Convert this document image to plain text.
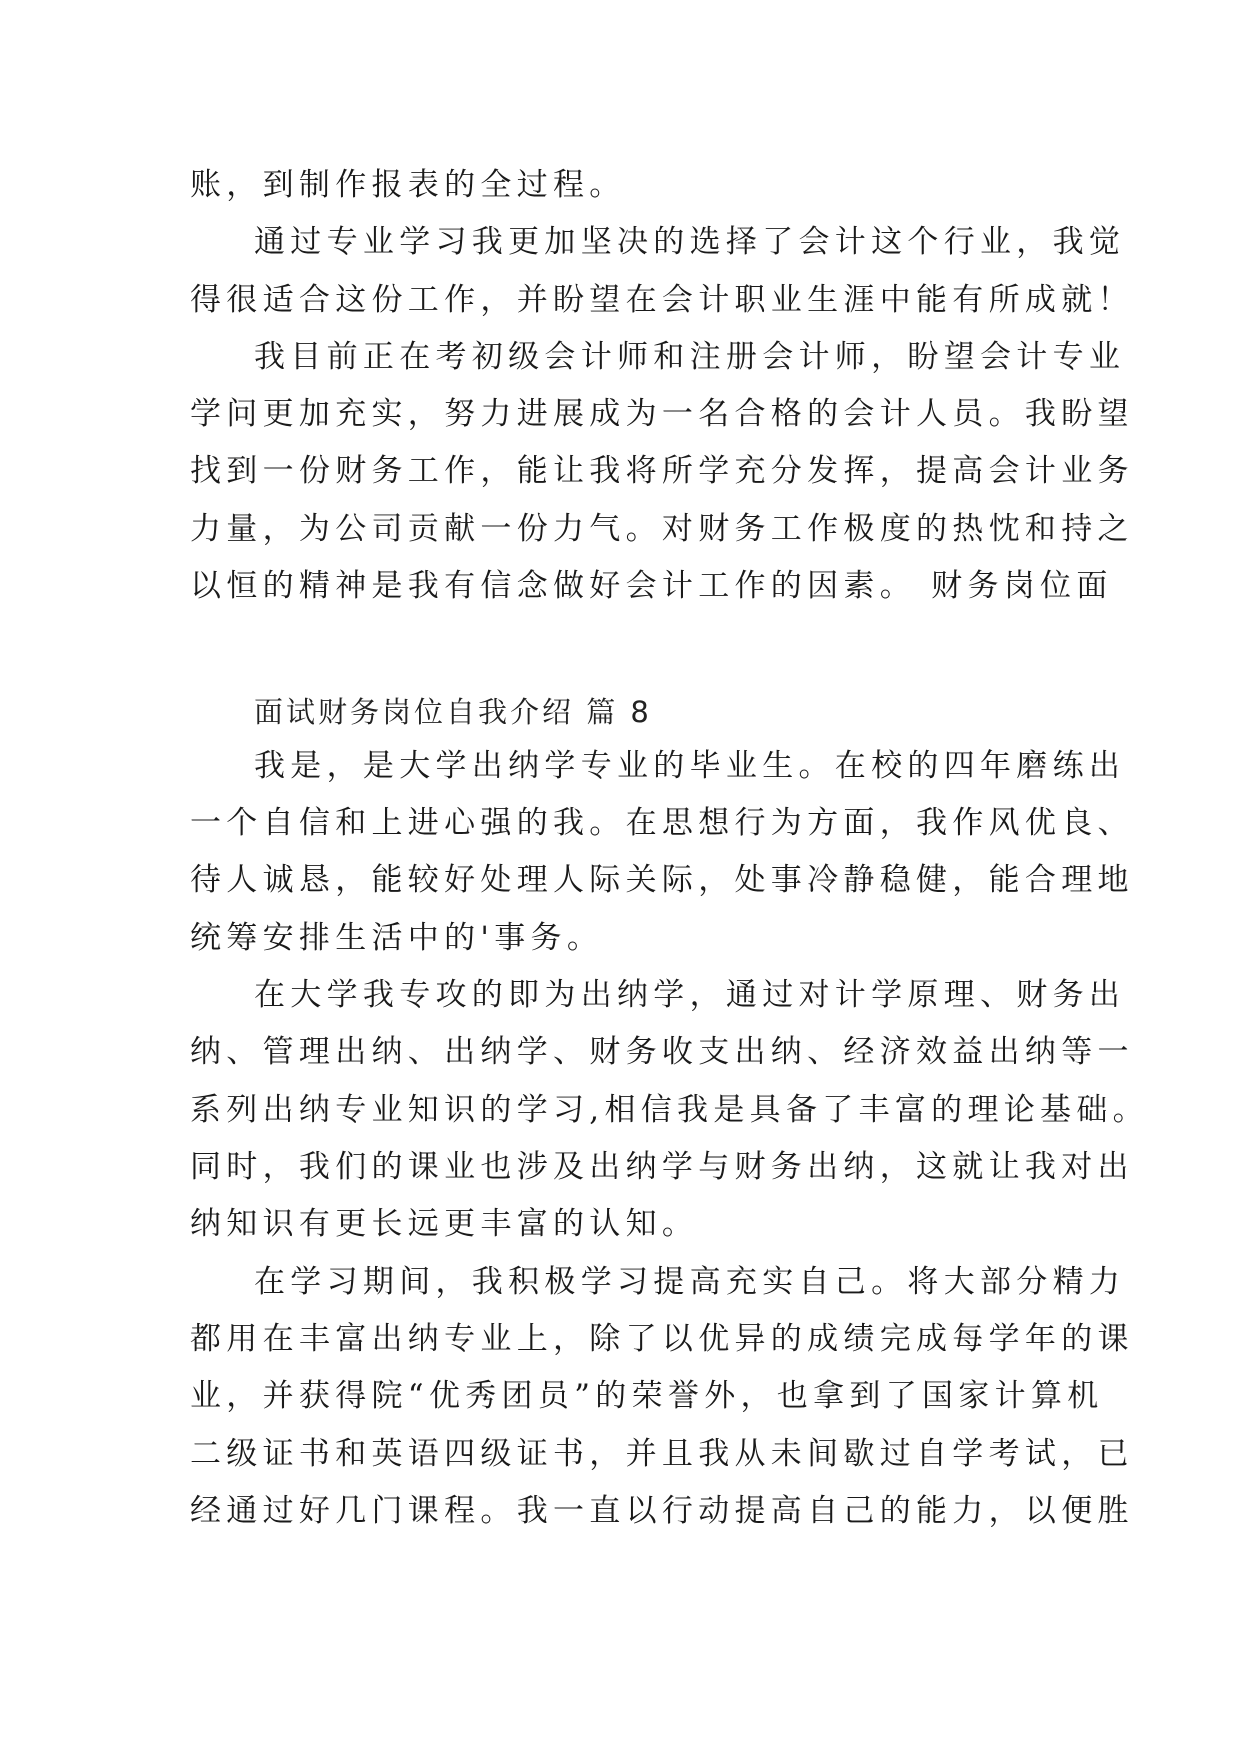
账，到制作报表的全过程。

通过专业学习我更加坚决的选择了会计这个行业，我觉

得很适合这份工作，并盼望在会计职业生涯中能有所成就！

我目前正在考初级会计师和注册会计师，盼望会计专业

学问更加充实，努力进展成为一名合格的会计人员。我盼望

找到一份财务工作，能让我将所学充分发挥，提高会计业务

力量，为公司贡献一份力气。对财务工作极度的热忱和持之

以恒的精神是我有信念做好会计工作的因素。 财务岗位面

面试财务岗位自我介绍 篇 8

我是，是大学出纳学专业的毕业生。在校的四年磨练出

一个自信和上进心强的我。在思想行为方面，我作风优良、

待人诚恳，能较好处理人际关际，处事冷静稳健，能合理地

统筹安排生活中的'事务。

在大学我专攻的即为出纳学，通过对计学原理、财务出

纳、管理出纳、出纳学、财务收支出纳、经济效益出纳等一

系列出纳专业知识的学习,相信我是具备了丰富的理论基础。

同时，我们的课业也涉及出纳学与财务出纳，这就让我对出

纳知识有更长远更丰富的认知。

在学习期间，我积极学习提高充实自己。将大部分精力

都用在丰富出纳专业上，除了以优异的成绩完成每学年的课

业，并获得院“优秀团员”的荣誉外，也拿到了国家计算机

二级证书和英语四级证书，并且我从未间歇过自学考试，已

经通过好几门课程。我一直以行动提高自己的能力，以便胜
